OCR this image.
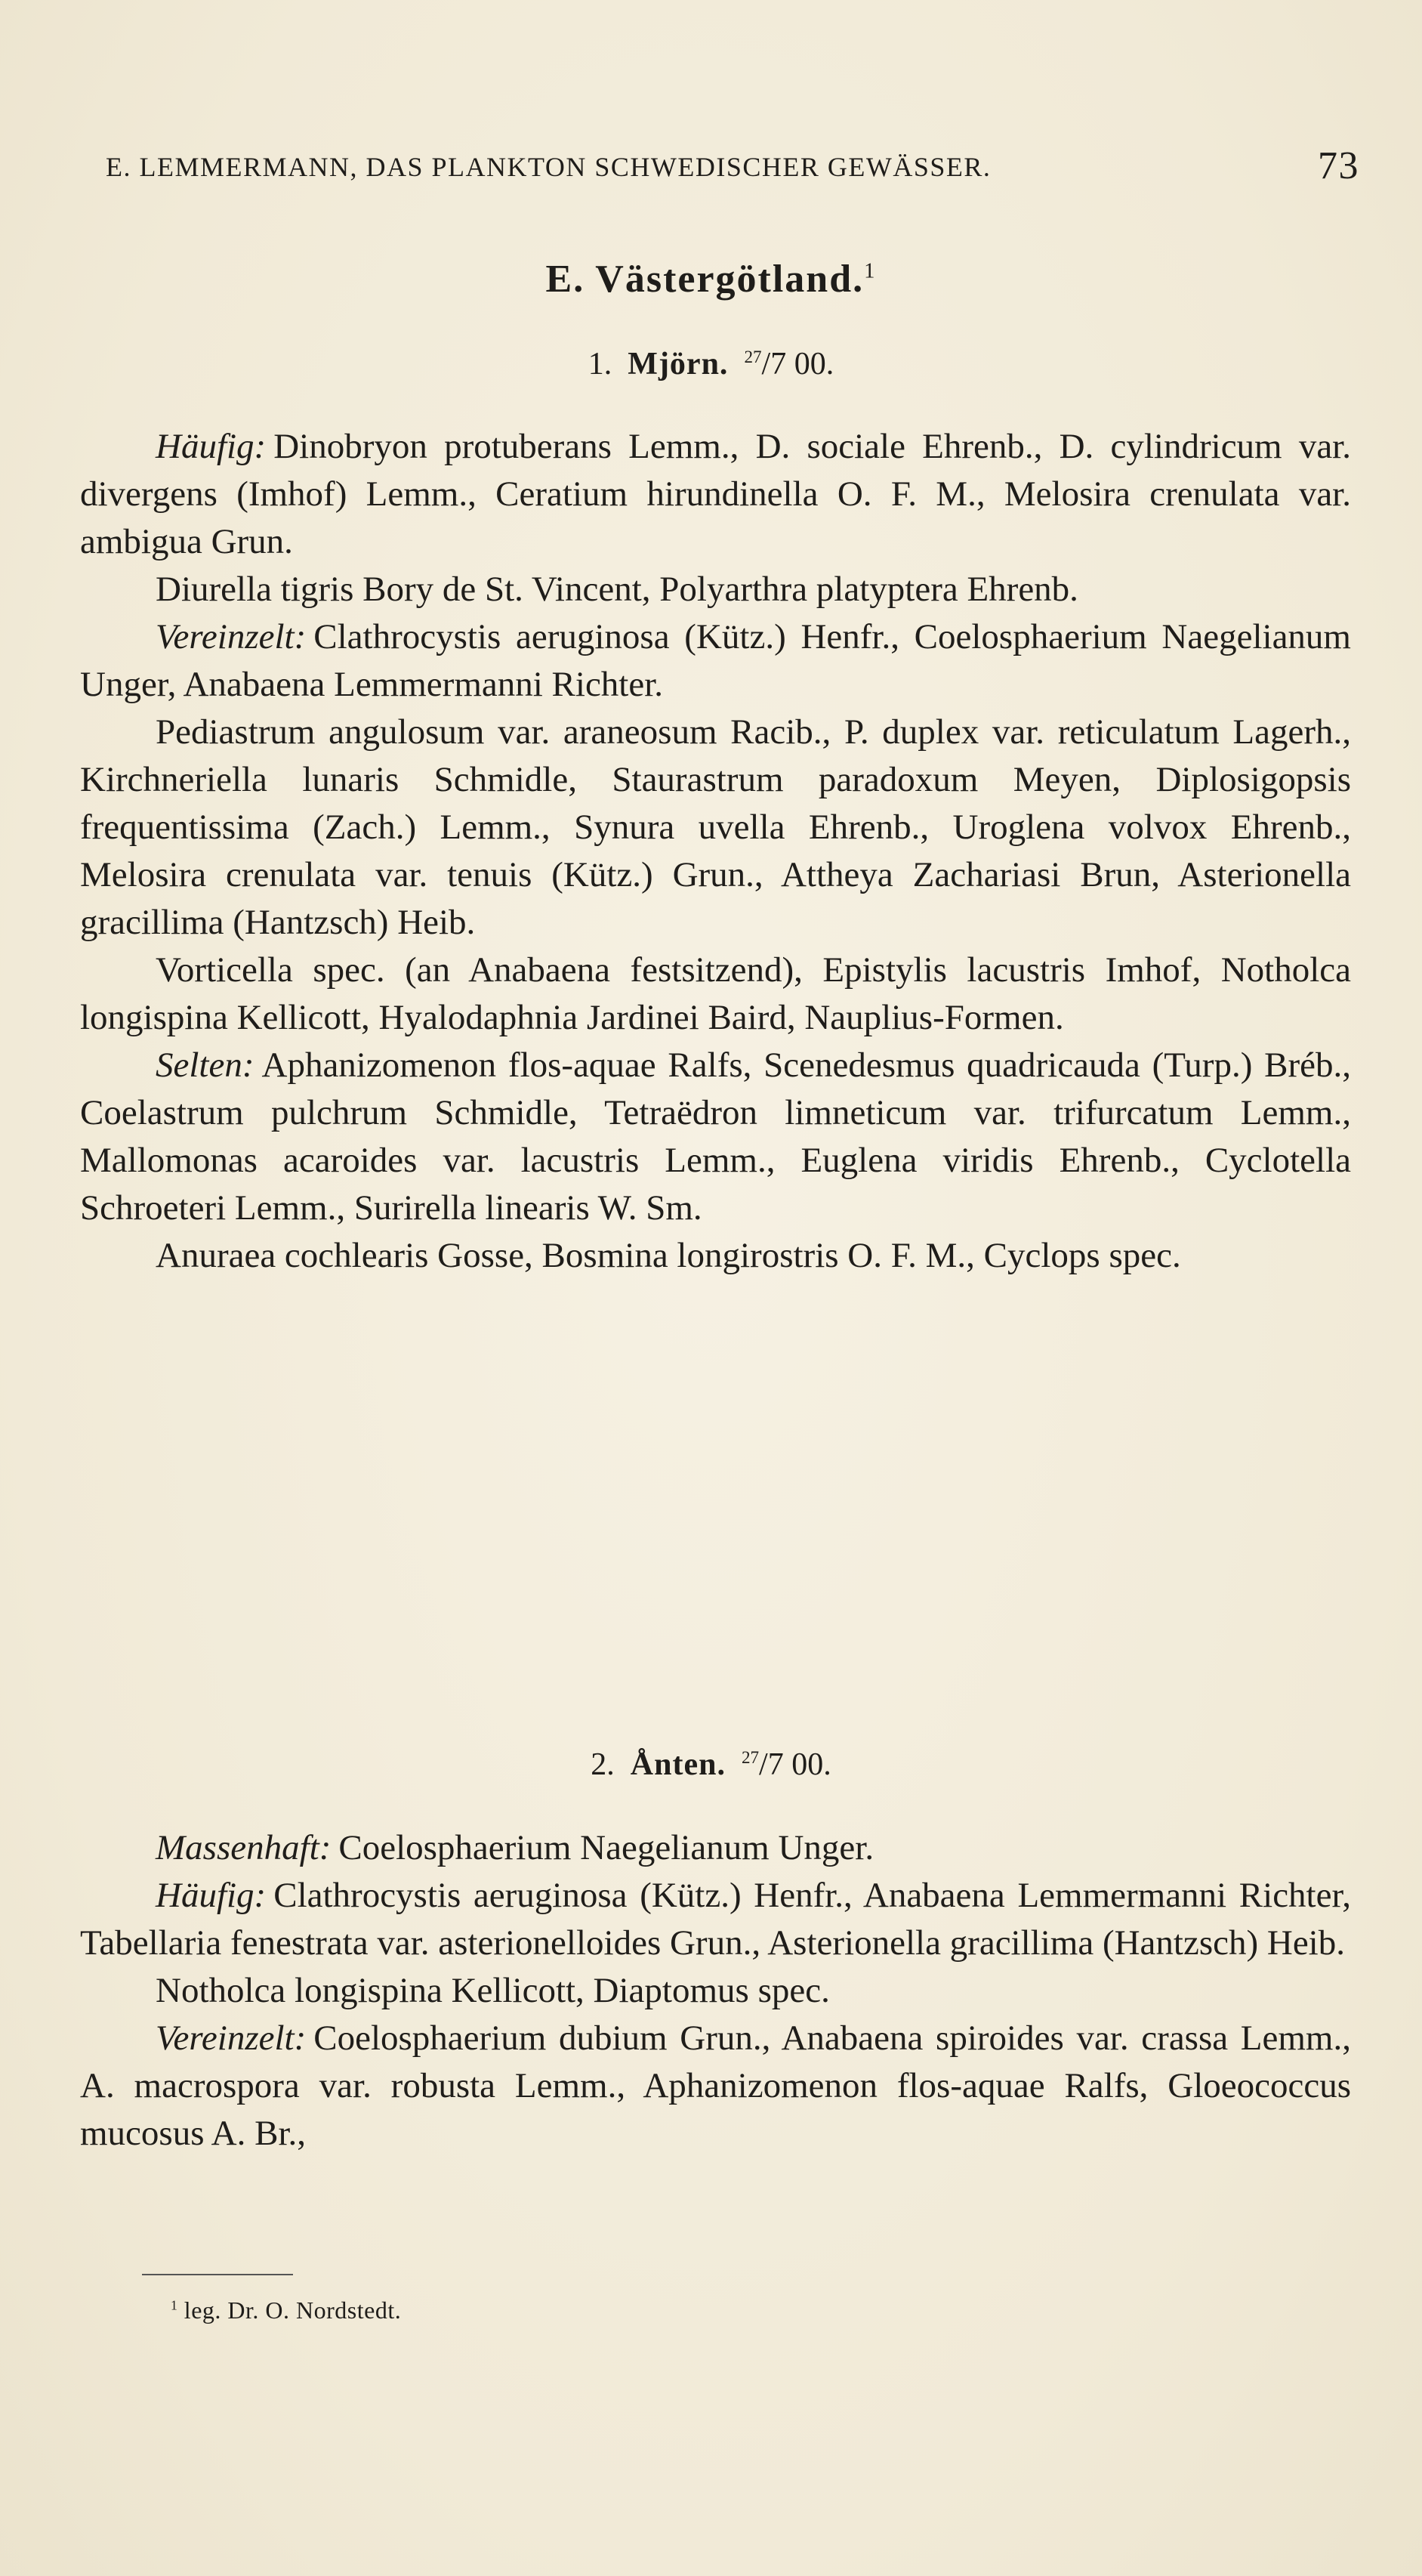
E. LEMMERMANN, DAS PLANKTON SCHWEDISCHER GEWÄSSER.	73
E. Västergötland.$^1$
1. Mjörn. $^{27}$/7 00.

Häufig: Dinobryon protuberans Lemm., D. sociale Ehrenb., D. cylindricum var. divergens (Imhof) Lemm., Ceratium hirundinella O. F. M., Melosira crenulata var. ambigua Grun.

Diurella tigris Bory de St. Vincent, Polyarthra platyptera Ehrenb.

Vereinzelt: Clathrocystis aeruginosa (Kütz.) Henfr., Coelosphaerium Naegelianum Unger, Anabaena Lemmermanni Richter.

Pediastrum angulosum var. araneosum Racib., P. duplex var. reticulatum Lagerh., Kirchneriella lunaris Schmidle, Staurastrum paradoxum Meyen, Diplosigopsis frequentissima (Zach.) Lemm., Synura uvella Ehrenb., Uroglena volvox Ehrenb., Melosira crenulata var. tenuis (Kütz.) Grun., Attheya Zachariasi Brun, Asterionella gracillima (Hantzsch) Heib.

Vorticella spec. (an Anabaena festsitzend), Epistylis lacustris Imhof, Notholca longispina Kellicott, Hyalodaphnia Jardinei Baird, Nauplius-Formen.

Selten: Aphanizomenon flos-aquae Ralfs, Scenedesmus quadricauda (Turp.) Bréb., Coelastrum pulchrum Schmidle, Tetraëdron limneticum var. trifurcatum Lemm., Mallomonas acaroides var. lacustris Lemm., Euglena viridis Ehrenb., Cyclotella Schroeteri Lemm., Surirella linearis W. Sm.

Anuraea cochlearis Gosse, Bosmina longirostris O. F. M., Cyclops spec.

2. Ånten. $^{27}$/7 00.

Massenhaft: Coelosphaerium Naegelianum Unger.

Häufig: Clathrocystis aeruginosa (Kütz.) Henfr., Anabaena Lemmermanni Richter, Tabellaria fenestrata var. asterionelloides Grun., Asterionella gracillima (Hantzsch) Heib.

Notholca longispina Kellicott, Diaptomus spec.

Vereinzelt: Coelosphaerium dubium Grun., Anabaena spiroides var. crassa Lemm., A. macrospora var. robusta Lemm., Aphanizomenon flos-aquae Ralfs, Gloeococcus mucosus A. Br.,

$^1$ leg. Dr. O. Nordstedt.
